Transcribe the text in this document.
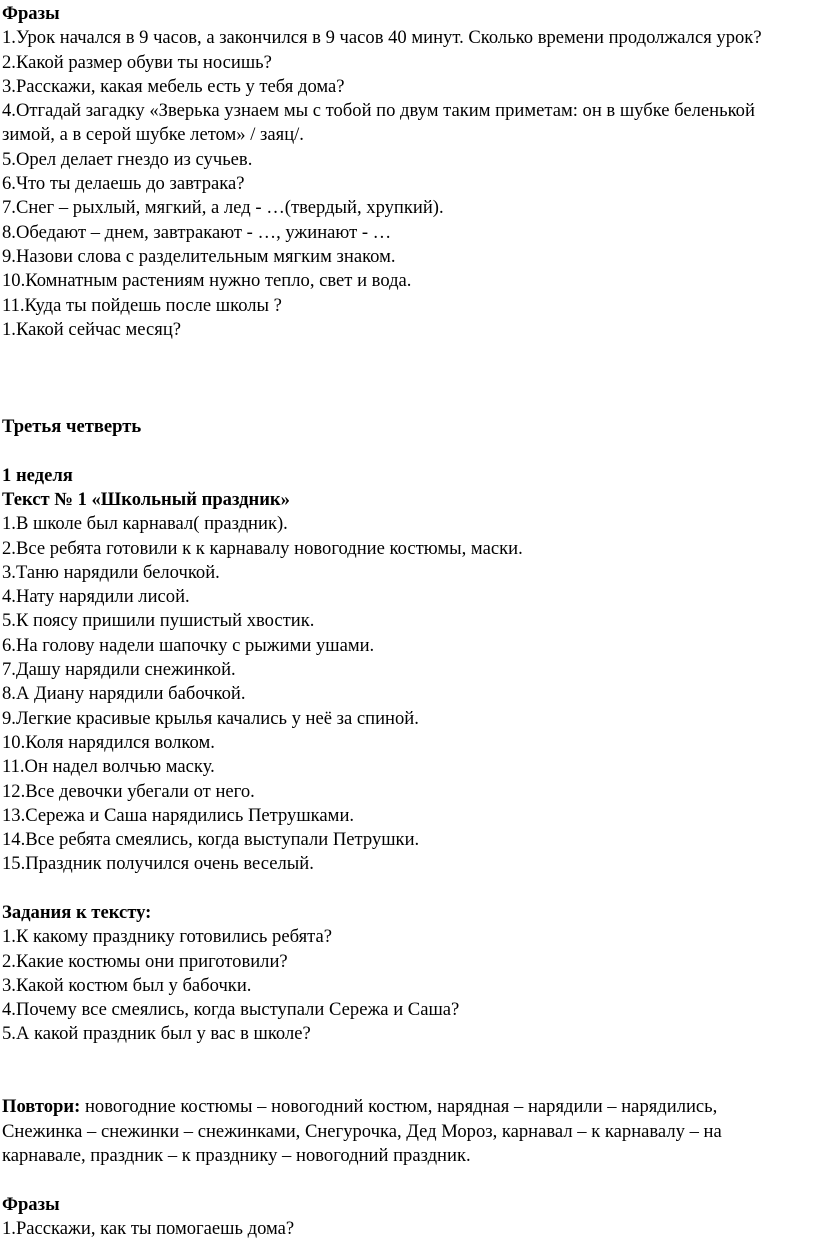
Фразы
1.Урок начался в 9 часов, а закончился в 9 часов 40 минут. Сколько времени продолжался урок?
2.Какой размер обуви ты носишь?
3.Расскажи, какая мебель есть у тебя дома?
4.Отгадай загадку «Зверька узнаем мы с тобой по двум таким приметам: он в шубке беленькой зимой, а в серой шубке летом» / заяц/.
5.Орел делает гнездо из сучьев.
6.Что ты делаешь до завтрака?
7.Снег – рыхлый, мягкий, а лед - …(твердый, хрупкий).
8.Обедают – днем, завтракают - …, ужинают - …
9.Назови слова с разделительным мягким знаком.
10.Комнатным растениям нужно тепло, свет и вода.
11.Куда ты пойдешь после школы ?
1.Какой сейчас месяц?
Третья четверть
1 неделя
Текст № 1 «Школьный праздник»
1.В школе был карнавал( праздник).
2.Все ребята готовили к к карнавалу новогодние костюмы, маски.
3.Таню нарядили белочкой.
4.Нату нарядили лисой.
5.К поясу пришили пушистый хвостик.
6.На голову надели шапочку с рыжими ушами.
7.Дашу нарядили снежинкой.
8.А Диану нарядили бабочкой.
9.Легкие красивые крылья качались у неё за спиной.
10.Коля нарядился волком.
11.Он надел волчью маску.
12.Все девочки убегали от него.
13.Сережа и Саша нарядились Петрушками.
14.Все ребята смеялись, когда выступали Петрушки.
15.Праздник получился очень веселый.
Задания к тексту:
1.К какому празднику готовились ребята?
2.Какие костюмы они приготовили?
3.Какой костюм был у бабочки.
4.Почему все смеялись, когда выступали Сережа и Саша?
5.А какой праздник был у вас в школе?
Повтори: новогодние костюмы – новогодний костюм, нарядная – нарядили – нарядились,
Снежинка – снежинки – снежинками, Снегурочка, Дед Мороз, карнавал – к карнавалу – на
карнавале, праздник – к празднику – новогодний праздник.
Фразы
1.Расскажи, как ты помогаешь дома?
